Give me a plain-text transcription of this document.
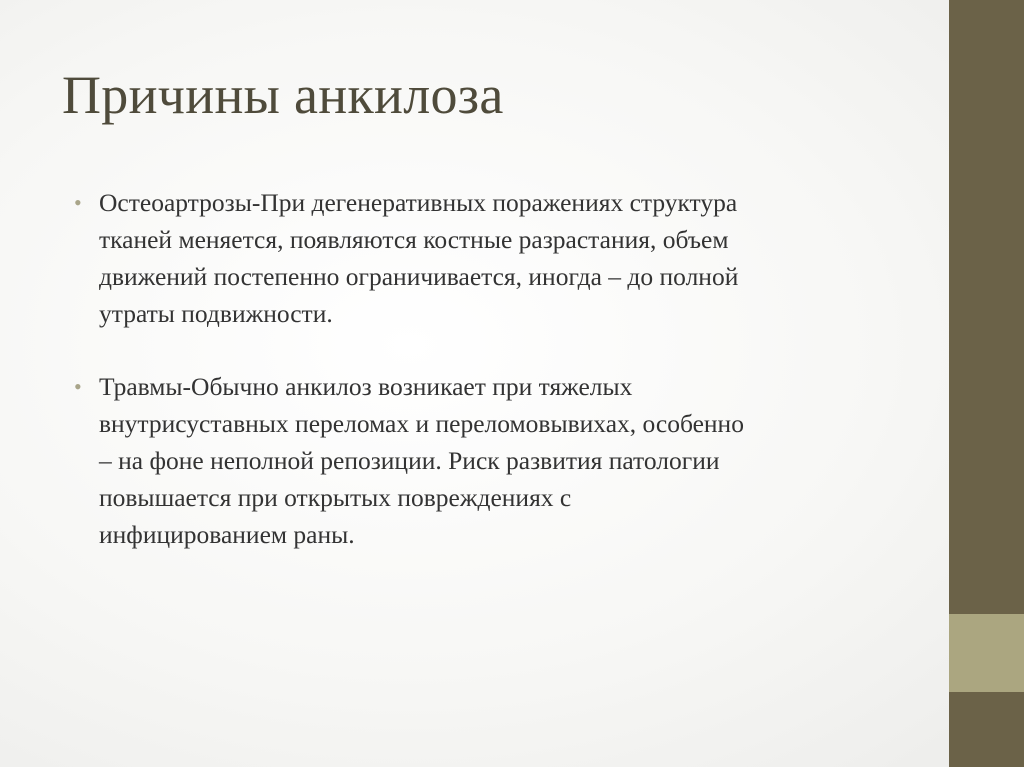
Причины анкилоза
• Остеоартрозы-При дегенеративных поражениях структура
тканей меняется, появляются костные разрастания, объем
движений постепенно ограничивается, иногда – до полной
утраты подвижности.
• Травмы-Обычно анкилоз возникает при тяжелых
внутрисуставных переломах и переломовывихах, особенно
– на фоне неполной репозиции. Риск развития патологии
повышается при открытых повреждениях с
инфицированием раны.
